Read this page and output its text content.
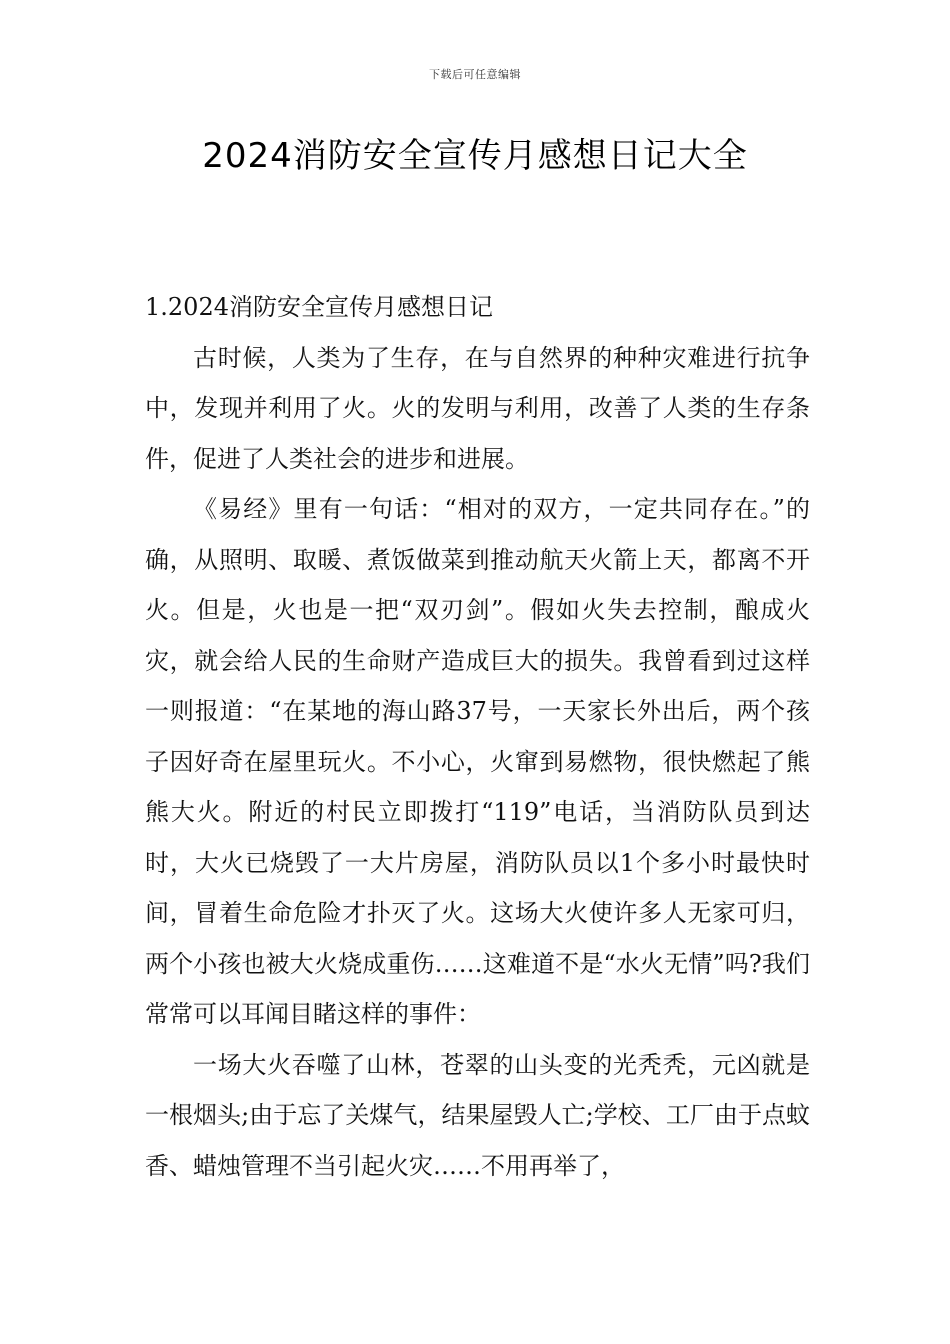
下载后可任意编辑
2024消防安全宣传月感想日记大全

1.2024消防安全宣传月感想日记

古时候，人类为了生存，在与自然界的种种灾难进行抗争中，发现并利用了火。火的发明与利用，改善了人类的生存条件，促进了人类社会的进步和进展。

《易经》里有一句话：“相对的双方，一定共同存在。”的确，从照明、取暖、煮饭做菜到推动航天火箭上天，都离不开火。但是，火也是一把“双刃剑”。假如火失去控制，酿成火灾，就会给人民的生命财产造成巨大的损失。我曾看到过这样一则报道：“在某地的海山路37号，一天家长外出后，两个孩子因好奇在屋里玩火。不小心，火窜到易燃物，很快燃起了熊熊大火。附近的村民立即拨打“119”电话，当消防队员到达时，大火已烧毁了一大片房屋，消防队员以1个多小时最快时间，冒着生命危险才扑灭了火。这场大火使许多人无家可归，两个小孩也被大火烧成重伤……这难道不是“水火无情”吗?我们常常可以耳闻目睹这样的事件：

一场大火吞噬了山林，苍翠的山头变的光秃秃，元凶就是一根烟头;由于忘了关煤气，结果屋毁人亡;学校、工厂由于点蚊香、蜡烛管理不当引起火灾……不用再举了，
